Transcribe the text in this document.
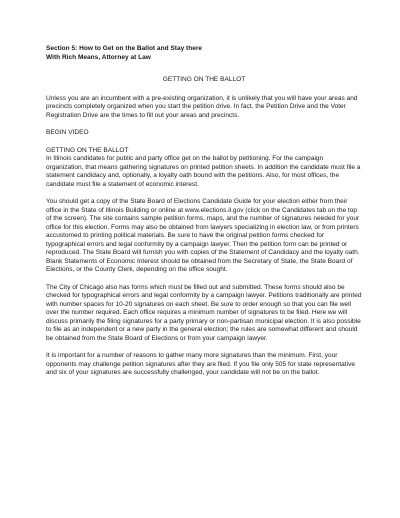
Section 5: How to Get on the Ballot and Stay there

With Rich Means, Attorney at Law

GETTING ON THE BALLOT

Unless you are an incumbent with a pre-existing organization, it is unlikely that you will have your areas and precincts completely organized when you start the petition drive. In fact, the Petition Drive and the Voter Registration Drive are the times to fill out your areas and precincts.

BEGIN VIDEO

GETTING ON THE BALLOT

In Illinois candidates for public and party office get on the ballot by petitioning. For the campaign organization, that means gathering signatures on printed petition sheets. In addition the candidate must file a statement candidacy and, optionally, a loyalty oath bound with the petitions. Also, for most offices, the candidate must file a statement of economic interest.

You should get a copy of the State Board of Elections Candidate Guide for your election either from their office in the State of Illinois Building or online at www.elections.il.gov (click on the Candidates tab on the top of the screen). The site contains sample petition forms, maps, and the number of signatures needed for your office for this election. Forms may also be obtained from lawyers specializing in election law, or from printers accustomed to printing political materials. Be sure to have the original petition forms checked for typographical errors and legal conformity by a campaign lawyer. Then the petition form can be printed or reproduced. The State Board will furnish you with copies of the Statement of Candidacy and the loyalty oath. Blank Statements of Economic Interest should be obtained from the Secretary of State, the State Board of Elections, or the County Clerk, depending on the office sought.

The City of Chicago also has forms which must be filled out and submitted. These forms should also be checked for typographical errors and legal conformity by a campaign lawyer. Petitions traditionally are printed with number spaces for 10-20 signatures on each sheet. Be sure to order enough so that you can file well over the number required. Each office requires a minimum number of signatures to be filed. Here we will discuss primarily the filing signatures for a party primary or non-partisan municipal election. It is also possible to file as an independent or a new party in the general election; the rules are somewhat different and should be obtained from the State Board of Elections or from your campaign lawyer.

It is important for a number of reasons to gather many more signatures than the minimum. First, your opponents may challenge petition signatures after they are filed. If you file only 505 for state representative and six of your signatures are successfully challenged, your candidate will not be on the ballot.
